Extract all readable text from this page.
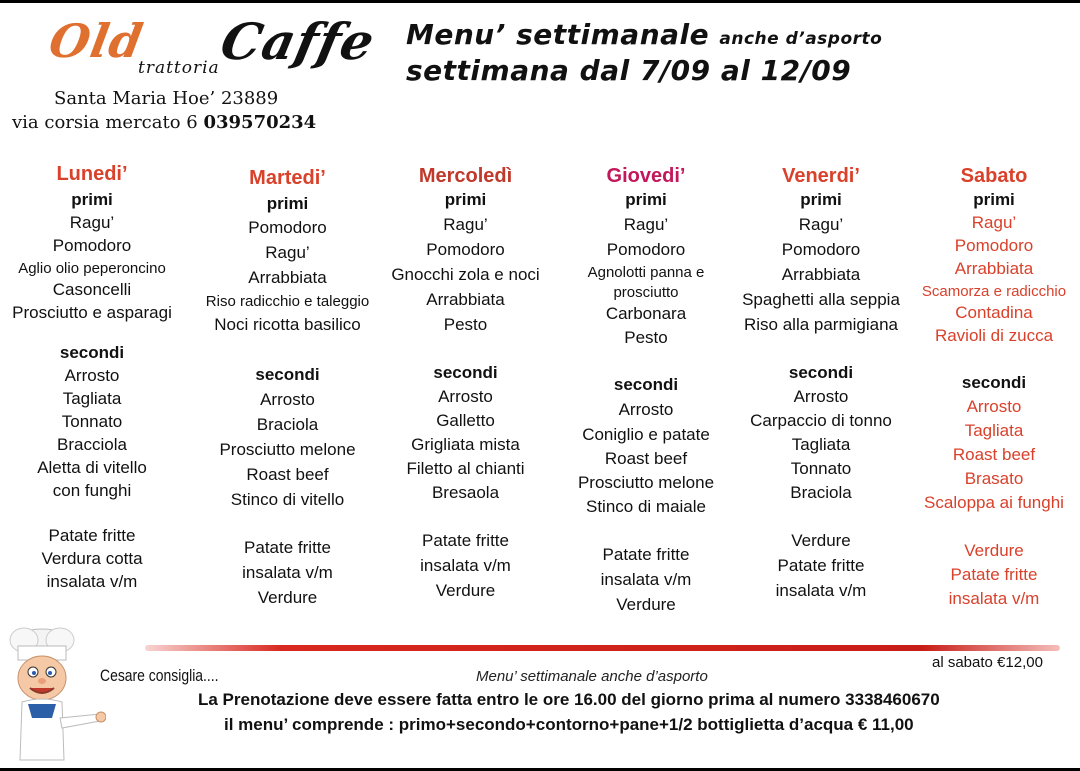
Old Caffe
trattoria
Santa Maria Hoe’ 23889
via corsia mercato 6 039570234
Menu’ settimanale anche d’asporto
settimana dal 7/09 al 12/09
Lunedi’
primi
Ragu’
Pomodoro
Aglio olio peperoncino
Casoncelli
Prosciutto e asparagi
secondi
Arrosto
Tagliata
Tonnato
Bracciola
Aletta di vitello
con funghi
Patate fritte
Verdura cotta
insalata v/m
Martedi’
primi
Pomodoro
Ragu’
Arrabbiata
Riso radicchio e taleggio
Noci ricotta basilico
secondi
Arrosto
Braciola
Prosciutto melone
Roast beef
Stinco di vitello
Patate fritte
insalata v/m
Verdure
Mercoledì
primi
Ragu’
Pomodoro
Gnocchi zola e noci
Arrabbiata
Pesto
secondi
Arrosto
Galletto
Grigliata mista
Filetto al chianti
Bresaola
Patate fritte
insalata v/m
Verdure
Giovedi’
primi
Ragu’
Pomodoro
Agnolotti panna e
prosciutto
Carbonara
Pesto
secondi
Arrosto
Coniglio e patate
Roast beef
Prosciutto melone
Stinco di maiale
Patate fritte
insalata v/m
Verdure
Venerdi’
primi
Ragu’
Pomodoro
Arrabbiata
Spaghetti alla seppia
Riso alla parmigiana
secondi
Arrosto
Carpaccio di tonno
Tagliata
Tonnato
Braciola
Verdure
Patate fritte
insalata v/m
Sabato
primi
Ragu’
Pomodoro
Arrabbiata
Scamorza e radicchio
Contadina
Ravioli di zucca
secondi
Arrosto
Tagliata
Roast beef
Brasato
Scaloppa ai funghi
Verdure
Patate fritte
insalata v/m
Cesare consiglia....	Menu’ settimanale anche d’asporto
al sabato €12,00
La Prenotazione deve essere fatta entro le ore 16.00 del giorno prima al numero 3338460670
il menu’ comprende : primo+secondo+contorno+pane+1/2 bottiglietta d’acqua € 11,00
